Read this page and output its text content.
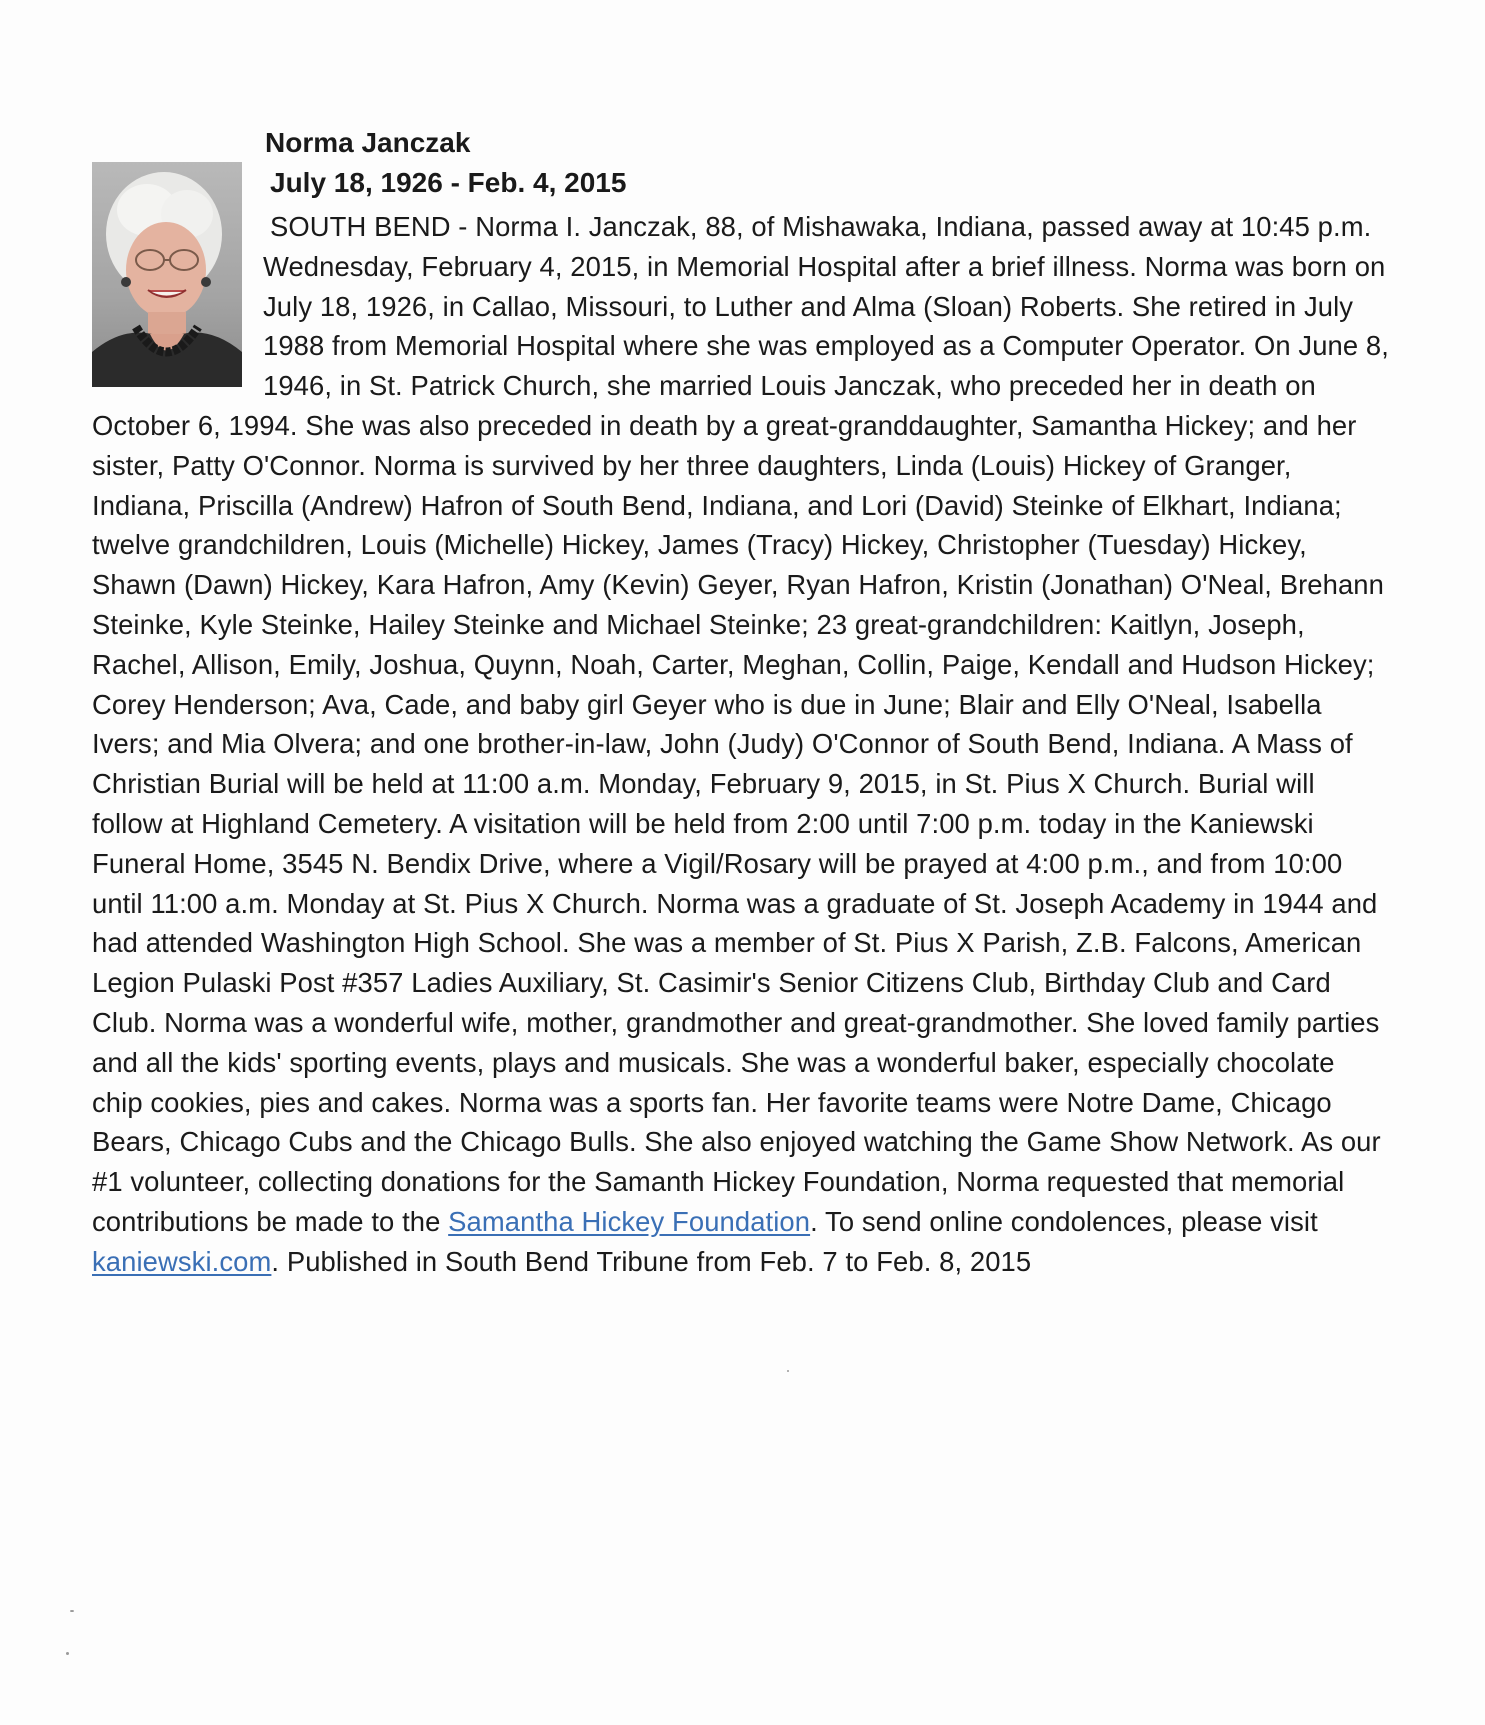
Norma Janczak
July 18, 1926 - Feb. 4, 2015
SOUTH BEND - Norma I. Janczak, 88, of Mishawaka, Indiana, passed away at 10:45 p.m. Wednesday, February 4, 2015, in Memorial Hospital after a brief illness. Norma was born on July 18, 1926, in Callao, Missouri, to Luther and Alma (Sloan) Roberts. She retired in July 1988 from Memorial Hospital where she was employed as a Computer Operator. On June 8, 1946, in St. Patrick Church, she married Louis Janczak, who preceded her in death on October 6, 1994. She was also preceded in death by a great-granddaughter, Samantha Hickey; and her sister, Patty O'Connor. Norma is survived by her three daughters, Linda (Louis) Hickey of Granger, Indiana, Priscilla (Andrew) Hafron of South Bend, Indiana, and Lori (David) Steinke of Elkhart, Indiana; twelve grandchildren, Louis (Michelle) Hickey, James (Tracy) Hickey, Christopher (Tuesday) Hickey, Shawn (Dawn) Hickey, Kara Hafron, Amy (Kevin) Geyer, Ryan Hafron, Kristin (Jonathan) O'Neal, Brehann Steinke, Kyle Steinke, Hailey Steinke and Michael Steinke; 23 great-grandchildren: Kaitlyn, Joseph, Rachel, Allison, Emily, Joshua, Quynn, Noah, Carter, Meghan, Collin, Paige, Kendall and Hudson Hickey; Corey Henderson; Ava, Cade, and baby girl Geyer who is due in June; Blair and Elly O'Neal, Isabella Ivers; and Mia Olvera; and one brother-in-law, John (Judy) O'Connor of South Bend, Indiana. A Mass of Christian Burial will be held at 11:00 a.m. Monday, February 9, 2015, in St. Pius X Church. Burial will follow at Highland Cemetery. A visitation will be held from 2:00 until 7:00 p.m. today in the Kaniewski Funeral Home, 3545 N. Bendix Drive, where a Vigil/Rosary will be prayed at 4:00 p.m., and from 10:00 until 11:00 a.m. Monday at St. Pius X Church. Norma was a graduate of St. Joseph Academy in 1944 and had attended Washington High School. She was a member of St. Pius X Parish, Z.B. Falcons, American Legion Pulaski Post #357 Ladies Auxiliary, St. Casimir's Senior Citizens Club, Birthday Club and Card Club. Norma was a wonderful wife, mother, grandmother and great-grandmother. She loved family parties and all the kids' sporting events, plays and musicals. She was a wonderful baker, especially chocolate chip cookies, pies and cakes. Norma was a sports fan. Her favorite teams were Notre Dame, Chicago Bears, Chicago Cubs and the Chicago Bulls. She also enjoyed watching the Game Show Network. As our #1 volunteer, collecting donations for the Samanth Hickey Foundation, Norma requested that memorial contributions be made to the Samantha Hickey Foundation. To send online condolences, please visit kaniewski.com. Published in South Bend Tribune from Feb. 7 to Feb. 8, 2015
